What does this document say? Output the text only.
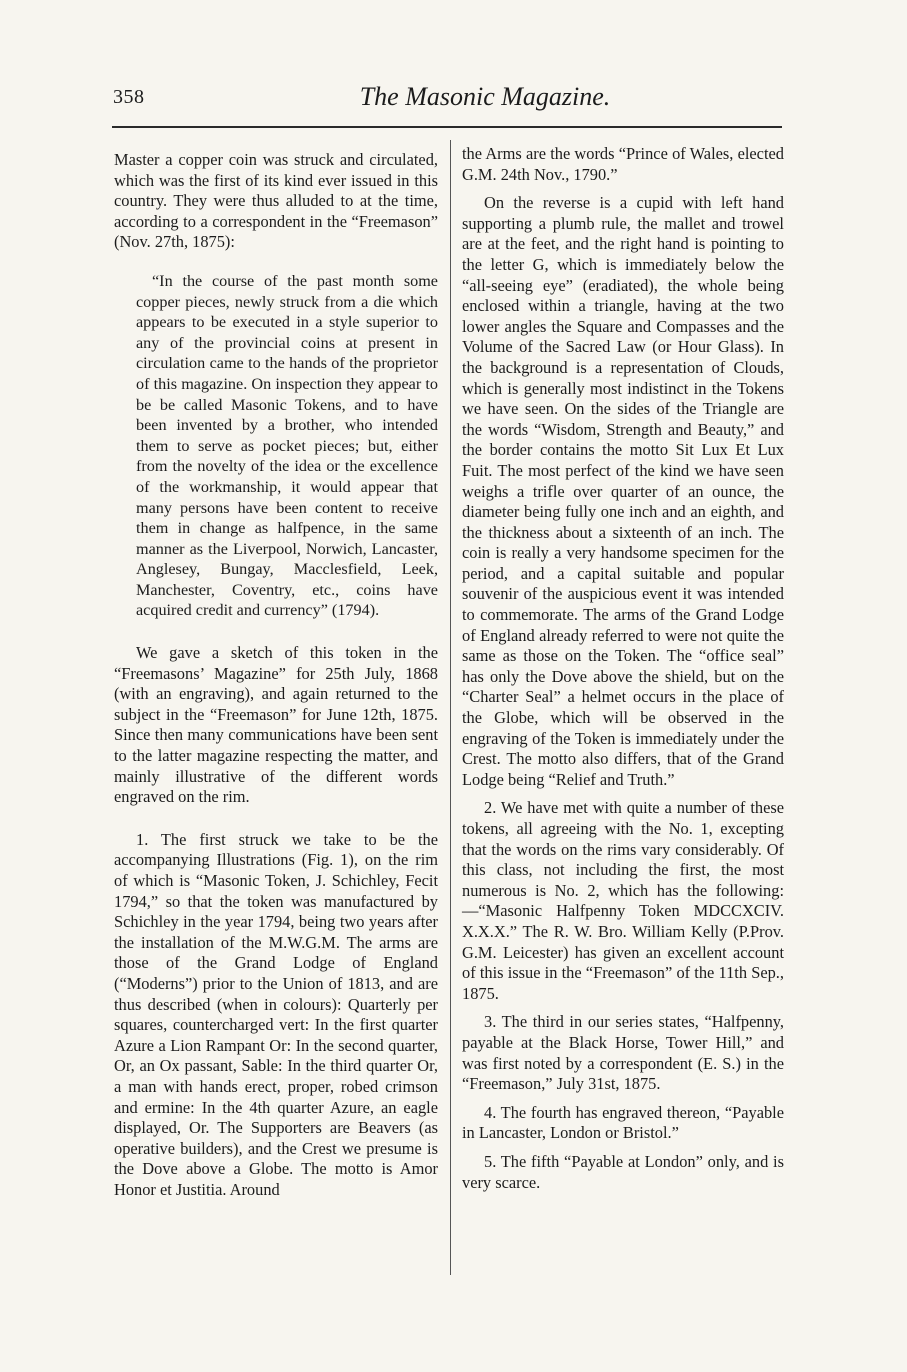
358	The Masonic Magazine.

Master a copper coin was struck and circulated, which was the first of its kind ever issued in this country. They were thus alluded to at the time, according to a correspondent in the “Freemason” (Nov. 27th, 1875):

“In the course of the past month some copper pieces, newly struck from a die which appears to be executed in a style superior to any of the provincial coins at present in circulation came to the hands of the proprietor of this magazine. On inspection they appear to be be called Masonic Tokens, and to have been invented by a brother, who intended them to serve as pocket pieces; but, either from the novelty of the idea or the excellence of the workmanship, it would appear that many persons have been content to receive them in change as halfpence, in the same manner as the Liverpool, Norwich, Lancaster, Anglesey, Bungay, Macclesfield, Leek, Manchester, Coventry, etc., coins have acquired credit and currency” (1794).

We gave a sketch of this token in the “Freemasons’ Magazine” for 25th July, 1868 (with an engraving), and again returned to the subject in the “Freemason” for June 12th, 1875. Since then many communications have been sent to the latter magazine respecting the matter, and mainly illustrative of the different words engraved on the rim.

1. The first struck we take to be the accompanying Illustrations (Fig. 1), on the rim of which is “Masonic Token, J. Schichley, Fecit 1794,” so that the token was manufactured by Schichley in the year 1794, being two years after the installation of the M.W.G.M. The arms are those of the Grand Lodge of England (“Moderns”) prior to the Union of 1813, and are thus described (when in colours): Quarterly per squares, countercharged vert: In the first quarter Azure a Lion Rampant Or: In the second quarter, Or, an Ox passant, Sable: In the third quarter Or, a man with hands erect, proper, robed crimson and ermine: In the 4th quarter Azure, an eagle displayed, Or. The Supporters are Beavers (as operative builders), and the Crest we presume is the Dove above a Globe. The motto is Amor Honor et Justitia. Around

the Arms are the words “Prince of Wales, elected G.M. 24th Nov., 1790.”

On the reverse is a cupid with left hand supporting a plumb rule, the mallet and trowel are at the feet, and the right hand is pointing to the letter G, which is immediately below the “all-seeing eye” (eradiated), the whole being enclosed within a triangle, having at the two lower angles the Square and Compasses and the Volume of the Sacred Law (or Hour Glass). In the background is a representation of Clouds, which is generally most indistinct in the Tokens we have seen. On the sides of the Triangle are the words “Wisdom, Strength and Beauty,” and the border contains the motto Sit Lux Et Lux Fuit. The most perfect of the kind we have seen weighs a trifle over quarter of an ounce, the diameter being fully one inch and an eighth, and the thickness about a sixteenth of an inch. The coin is really a very handsome specimen for the period, and a capital suitable and popular souvenir of the auspicious event it was intended to commemorate. The arms of the Grand Lodge of England already referred to were not quite the same as those on the Token. The “office seal” has only the Dove above the shield, but on the “Charter Seal” a helmet occurs in the place of the Globe, which will be observed in the engraving of the Token is immediately under the Crest. The motto also differs, that of the Grand Lodge being “Relief and Truth.”

2. We have met with quite a number of these tokens, all agreeing with the No. 1, excepting that the words on the rims vary considerably. Of this class, not including the first, the most numerous is No. 2, which has the following:—“Masonic Halfpenny Token MDCCXCIV. X.X.X.” The R. W. Bro. William Kelly (P.Prov. G.M. Leicester) has given an excellent account of this issue in the “Freemason” of the 11th Sep., 1875.

3. The third in our series states, “Halfpenny, payable at the Black Horse, Tower Hill,” and was first noted by a correspondent (E. S.) in the “Freemason,” July 31st, 1875.

4. The fourth has engraved thereon, “Payable in Lancaster, London or Bristol.”

5. The fifth “Payable at London” only, and is very scarce.
